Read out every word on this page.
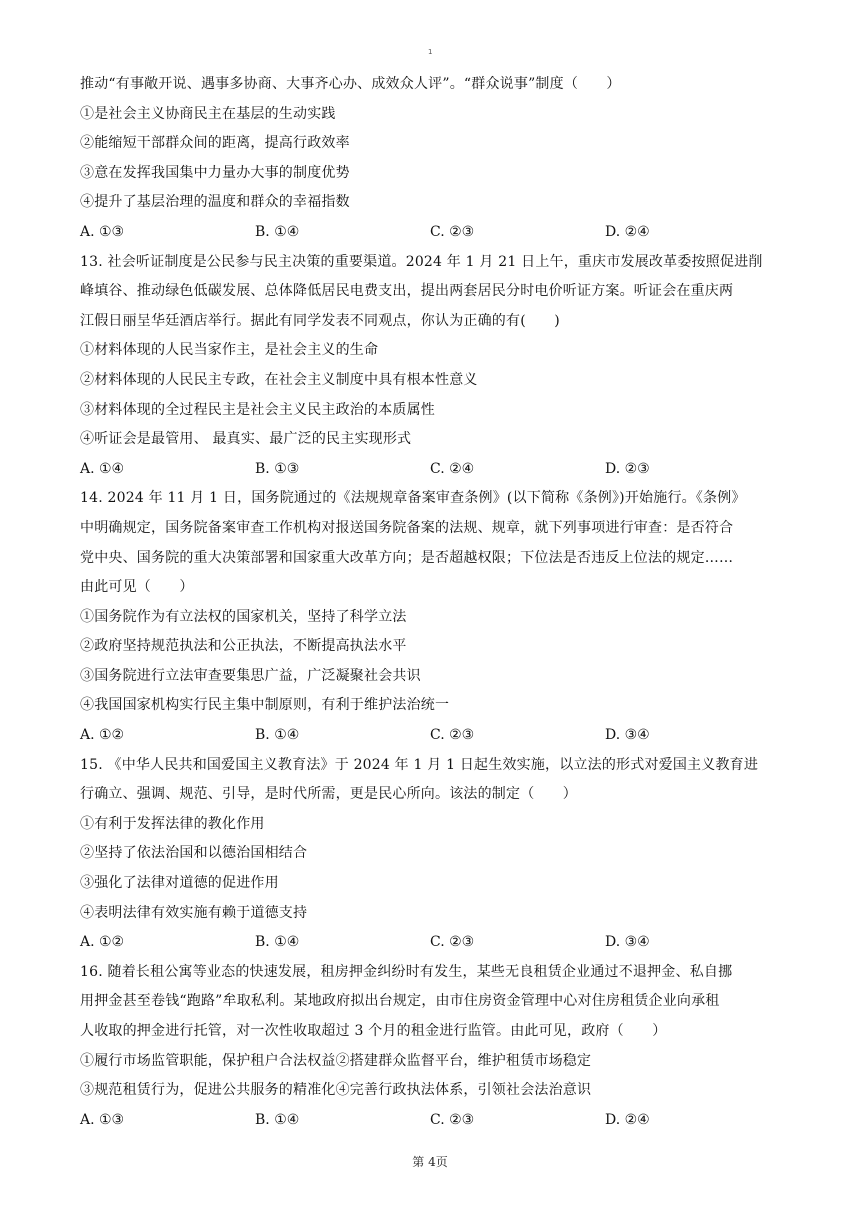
1
推动“有事敞开说、遇事多协商、大事齐心办、成效众人评”。“群众说事”制度（　　）
①是社会主义协商民主在基层的生动实践
②能缩短干部群众间的距离，提高行政效率
③意在发挥我国集中力量办大事的制度优势
④提升了基层治理的温度和群众的幸福指数
A. ①③	B. ①④	C. ②③	D. ②④
13. 社会听证制度是公民参与民主决策的重要渠道。2024 年 1 月 21 日上午，重庆市发展改革委按照促进削
峰填谷、推动绿色低碳发展、总体降低居民电费支出，提出两套居民分时电价听证方案。听证会在重庆两
江假日丽呈华廷酒店举行。据此有同学发表不同观点，你认为正确的有(　　)
①材料体现的人民当家作主，是社会主义的生命
②材料体现的人民民主专政，在社会主义制度中具有根本性意义
③材料体现的全过程民主是社会主义民主政治的本质属性
④听证会是最管用、 最真实、最广泛的民主实现形式
A. ①④	B. ①③	C. ②④	D. ②③
14. 2024 年 11 月 1 日，国务院通过的《法规规章备案审查条例》(以下简称《条例》)开始施行。《条例》
中明确规定，国务院备案审查工作机构对报送国务院备案的法规、规章，就下列事项进行审查：是否符合
党中央、国务院的重大决策部署和国家重大改革方向；是否超越权限；下位法是否违反上位法的规定……
由此可见（　　）
①国务院作为有立法权的国家机关，坚持了科学立法
②政府坚持规范执法和公正执法，不断提高执法水平
③国务院进行立法审查要集思广益，广泛凝聚社会共识
④我国国家机构实行民主集中制原则，有利于维护法治统一
A. ①②	B. ①④	C. ②③	D. ③④
15. 《中华人民共和国爱国主义教育法》于 2024 年 1 月 1 日起生效实施，以立法的形式对爱国主义教育进
行确立、强调、规范、引导，是时代所需，更是民心所向。该法的制定（　　）
①有利于发挥法律的教化作用
②坚持了依法治国和以德治国相结合
③强化了法律对道德的促进作用
④表明法律有效实施有赖于道德支持
A. ①②	B. ①④	C. ②③	D. ③④
16. 随着长租公寓等业态的快速发展，租房押金纠纷时有发生，某些无良租赁企业通过不退押金、私自挪
用押金甚至卷钱“跑路”牟取私利。某地政府拟出台规定，由市住房资金管理中心对住房租赁企业向承租
人收取的押金进行托管，对一次性收取超过 3 个月的租金进行监管。由此可见，政府（　　）
①履行市场监管职能，保护租户合法权益②搭建群众监督平台，维护租赁市场稳定
③规范租赁行为，促进公共服务的精准化④完善行政执法体系，引领社会法治意识
A. ①③	B. ①④	C. ②③	D. ②④
第 4页
